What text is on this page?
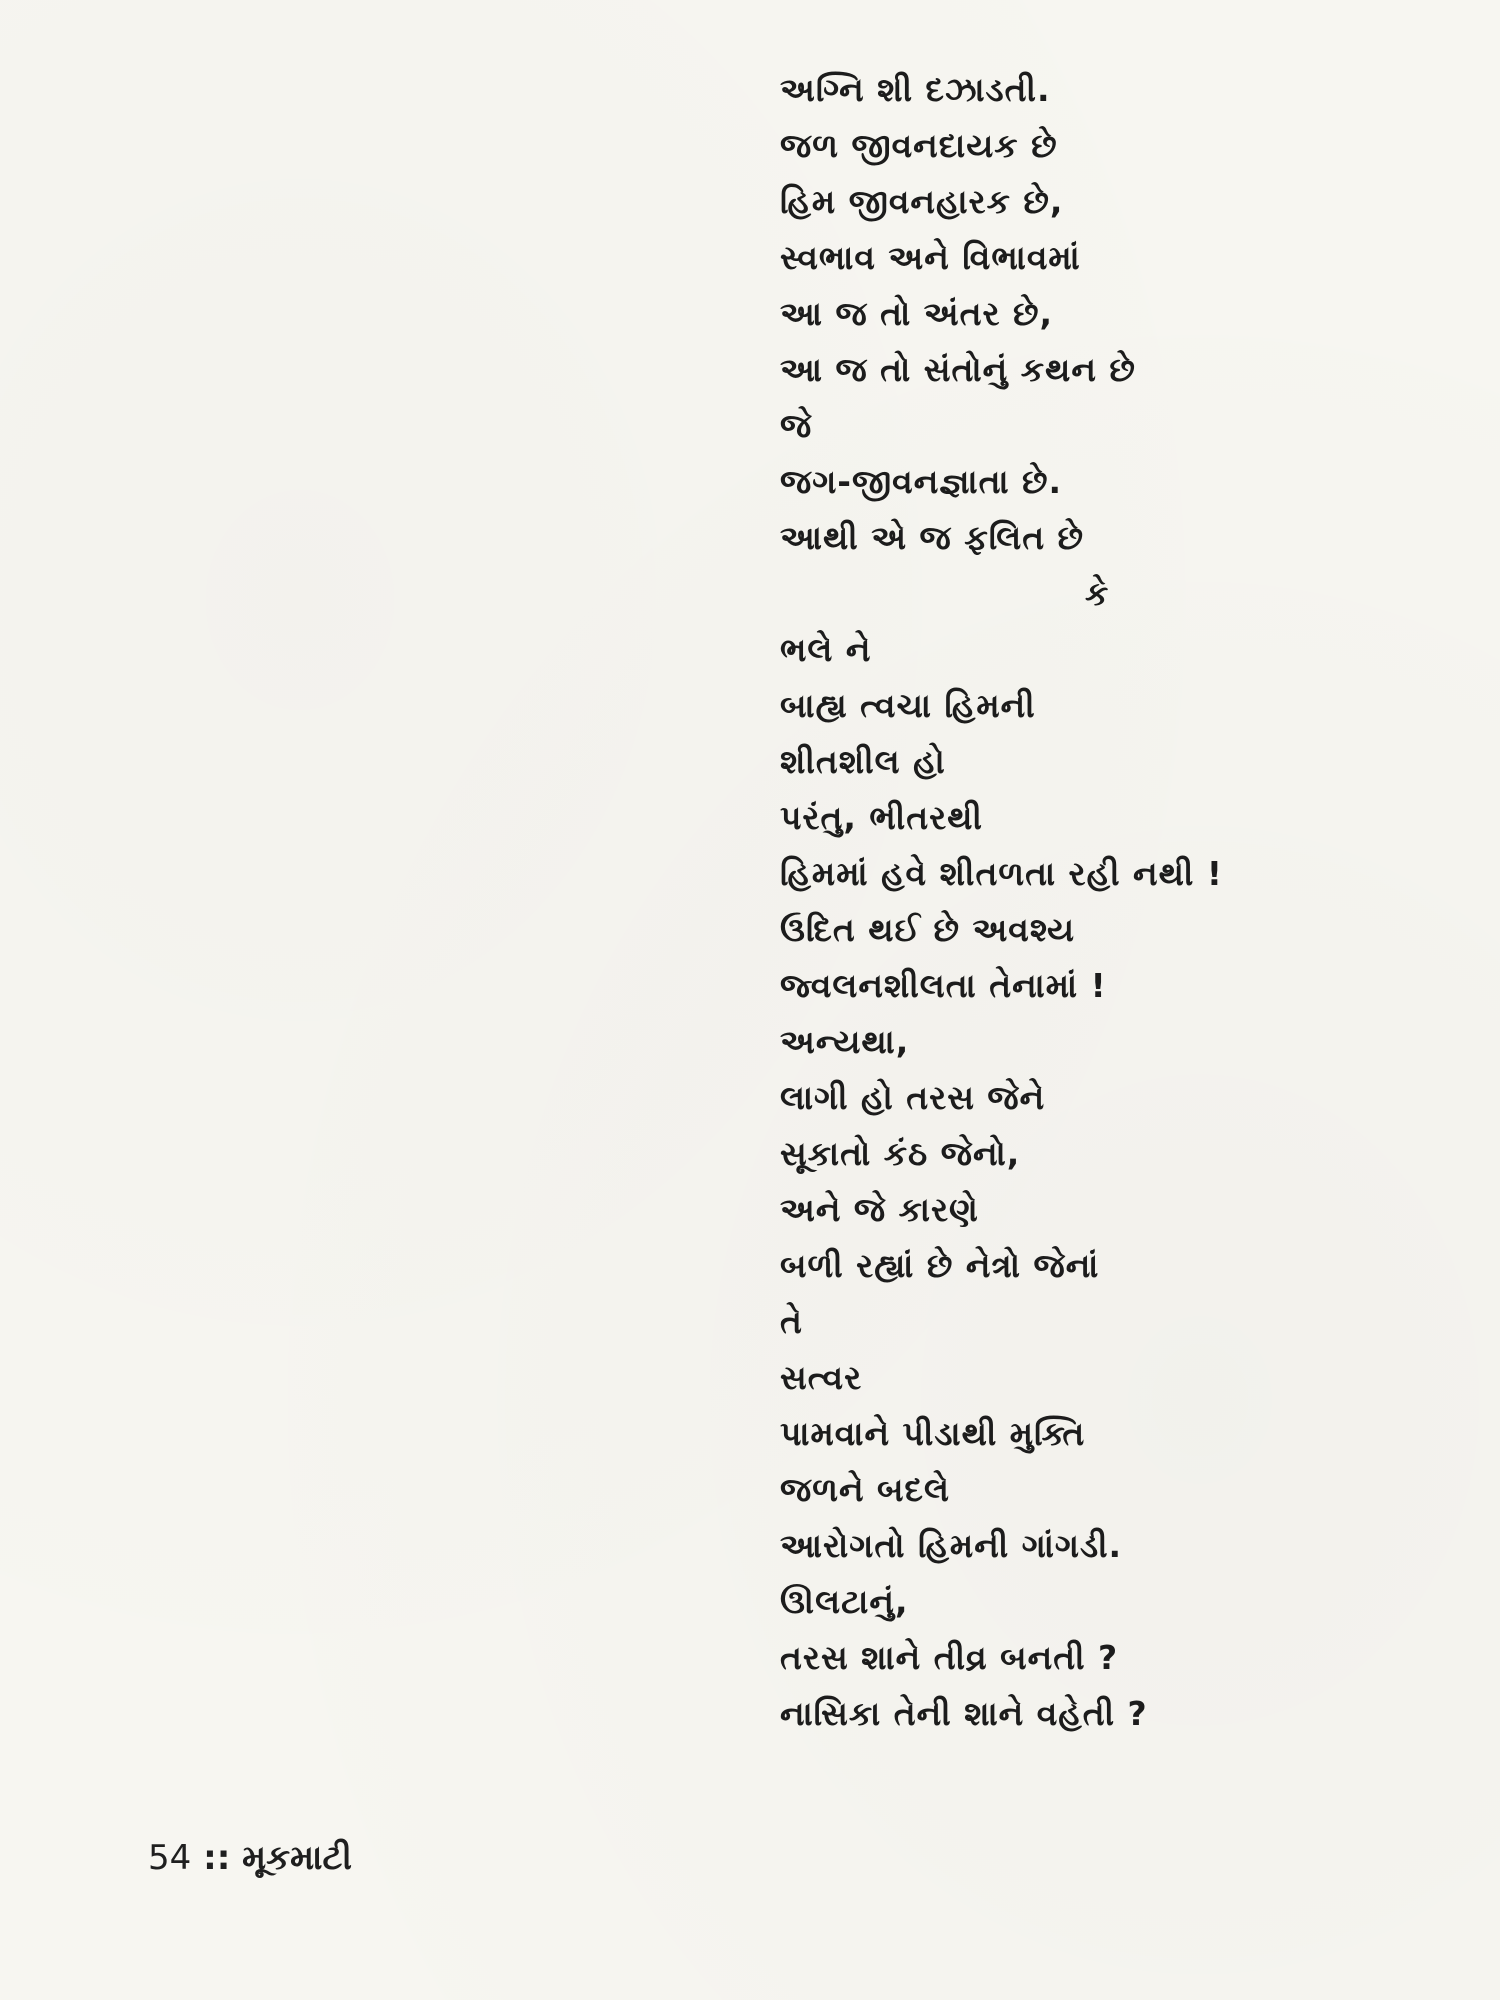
અગ્નિ શી દઝાડતી.
જળ જીવનદાયક છે
હિમ જીવનહારક છે,
સ્વભાવ અને વિભાવમાં
આ જ તો અંતર છે,
આ જ તો સંતોનું કથન છે
જે
જગ-જીવનજ્ઞાતા છે.
આથી એ જ ફલિત છે
કે
ભલે ને
બાહ્ય ત્વચા હિમની
શીતશીલ હો
પરંતુ, ભીતરથી
હિમમાં હવે શીતળતા રહી નથી !
ઉદિત થઈ છે અવશ્ય
જ્વલનશીલતા તેનામાં !
અન્યથા,
લાગી હો તરસ જેને
સૂકાતો કંઠ જેનો,
અને જે કારણે
બળી રહ્યાં છે નેત્રો જેનાં
તે
સત્વર
પામવાને પીડાથી મુક્તિ
જળને બદલે
આરોગતો હિમની ગાંગડી.
ઊલટાનું,
તરસ શાને તીવ્ર બનતી ?
નાસિકા તેની શાને વહેતી ?
54 :: મૂકમાટી
